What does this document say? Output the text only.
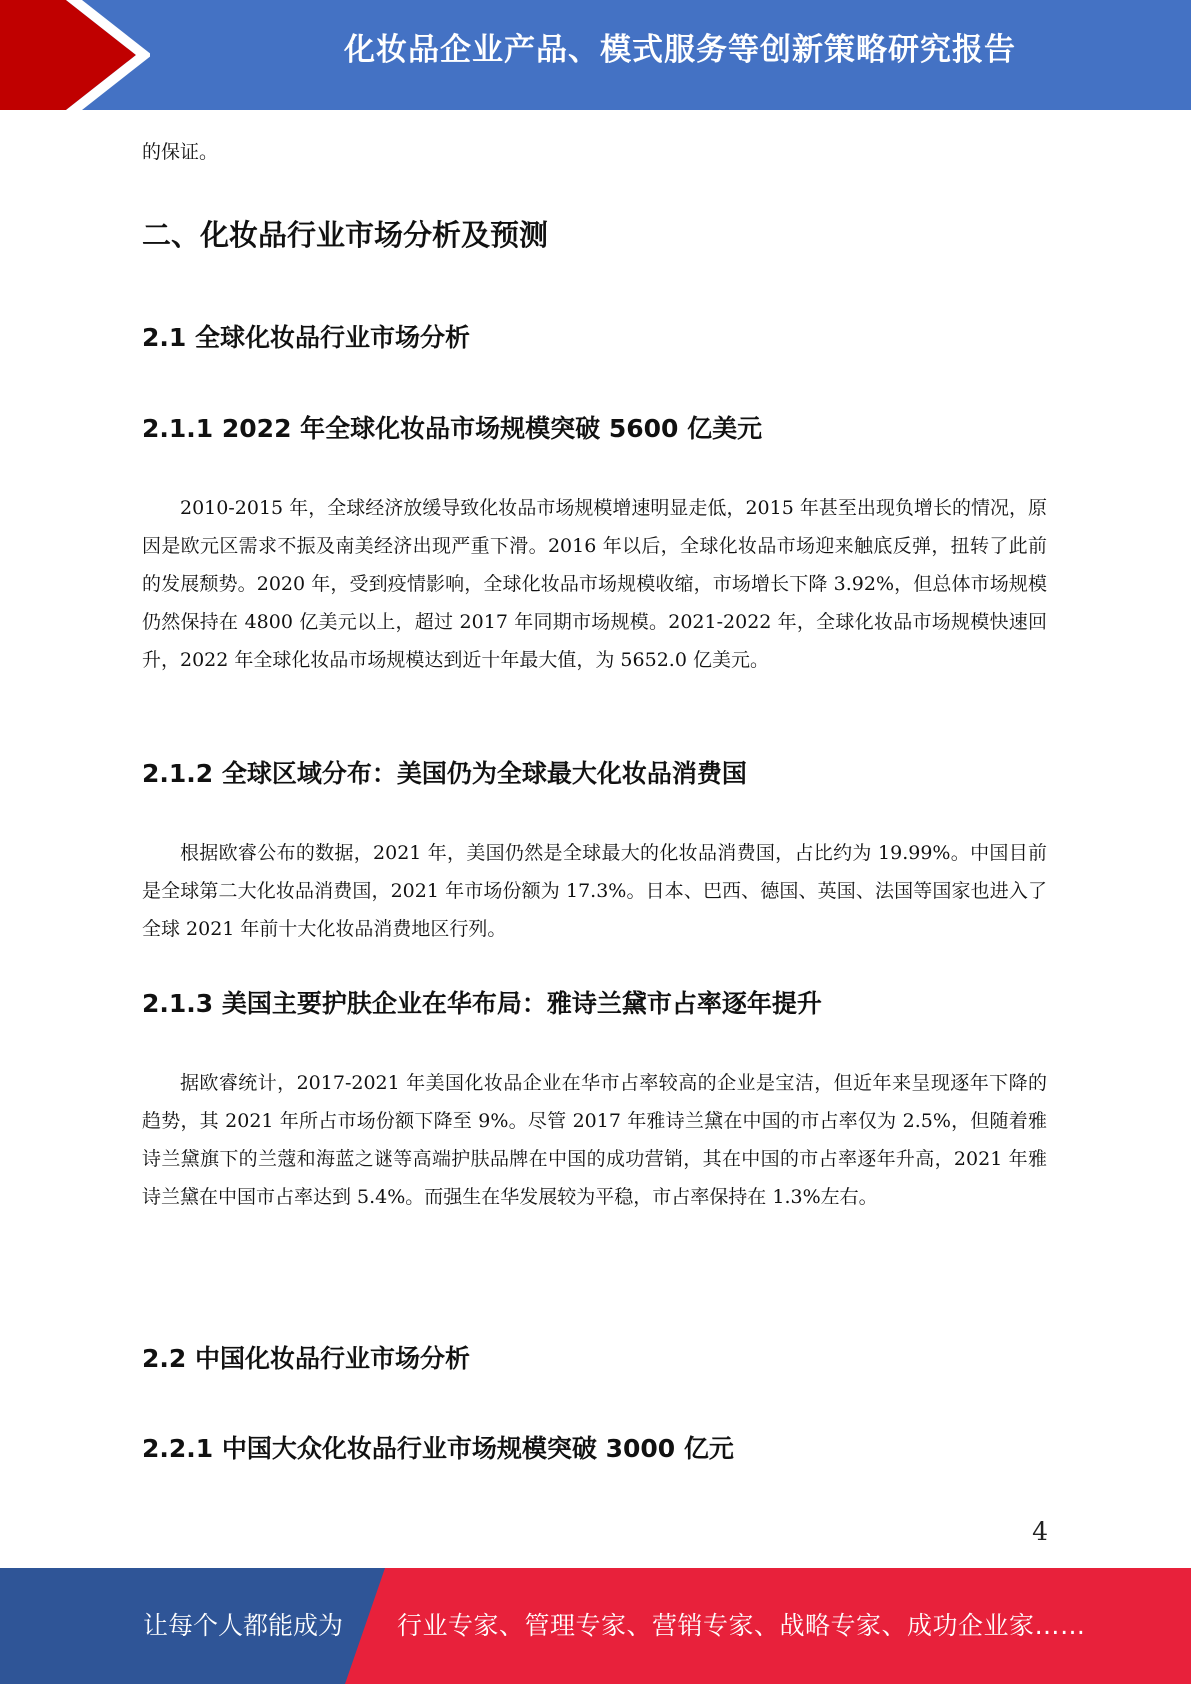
化妆品企业产品、模式服务等创新策略研究报告
的保证。
二、化妆品行业市场分析及预测
2.1 全球化妆品行业市场分析
2.1.1 2022 年全球化妆品市场规模突破 5600 亿美元
2010-2015 年，全球经济放缓导致化妆品市场规模增速明显走低，2015 年甚至出现负增长的情况，原因是欧元区需求不振及南美经济出现严重下滑。2016 年以后，全球化妆品市场迎来触底反弹，扭转了此前的发展颓势。2020 年，受到疫情影响，全球化妆品市场规模收缩，市场增长下降 3.92%，但总体市场规模仍然保持在 4800 亿美元以上，超过 2017 年同期市场规模。2021-2022 年，全球化妆品市场规模快速回升，2022 年全球化妆品市场规模达到近十年最大值，为 5652.0 亿美元。
2.1.2 全球区域分布：美国仍为全球最大化妆品消费国
根据欧睿公布的数据，2021 年，美国仍然是全球最大的化妆品消费国，占比约为 19.99%。中国目前是全球第二大化妆品消费国，2021 年市场份额为 17.3%。日本、巴西、德国、英国、法国等国家也进入了全球 2021 年前十大化妆品消费地区行列。
2.1.3 美国主要护肤企业在华布局：雅诗兰黛市占率逐年提升
据欧睿统计，2017-2021 年美国化妆品企业在华市占率较高的企业是宝洁，但近年来呈现逐年下降的趋势，其 2021 年所占市场份额下降至 9%。尽管 2017 年雅诗兰黛在中国的市占率仅为 2.5%，但随着雅诗兰黛旗下的兰蔻和海蓝之谜等高端护肤品牌在中国的成功营销，其在中国的市占率逐年升高，2021 年雅诗兰黛在中国市占率达到 5.4%。而强生在华发展较为平稳，市占率保持在 1.3%左右。
2.2 中国化妆品行业市场分析
2.2.1 中国大众化妆品行业市场规模突破 3000 亿元
4
让每个人都能成为 行业专家、管理专家、营销专家、战略专家、成功企业家……
